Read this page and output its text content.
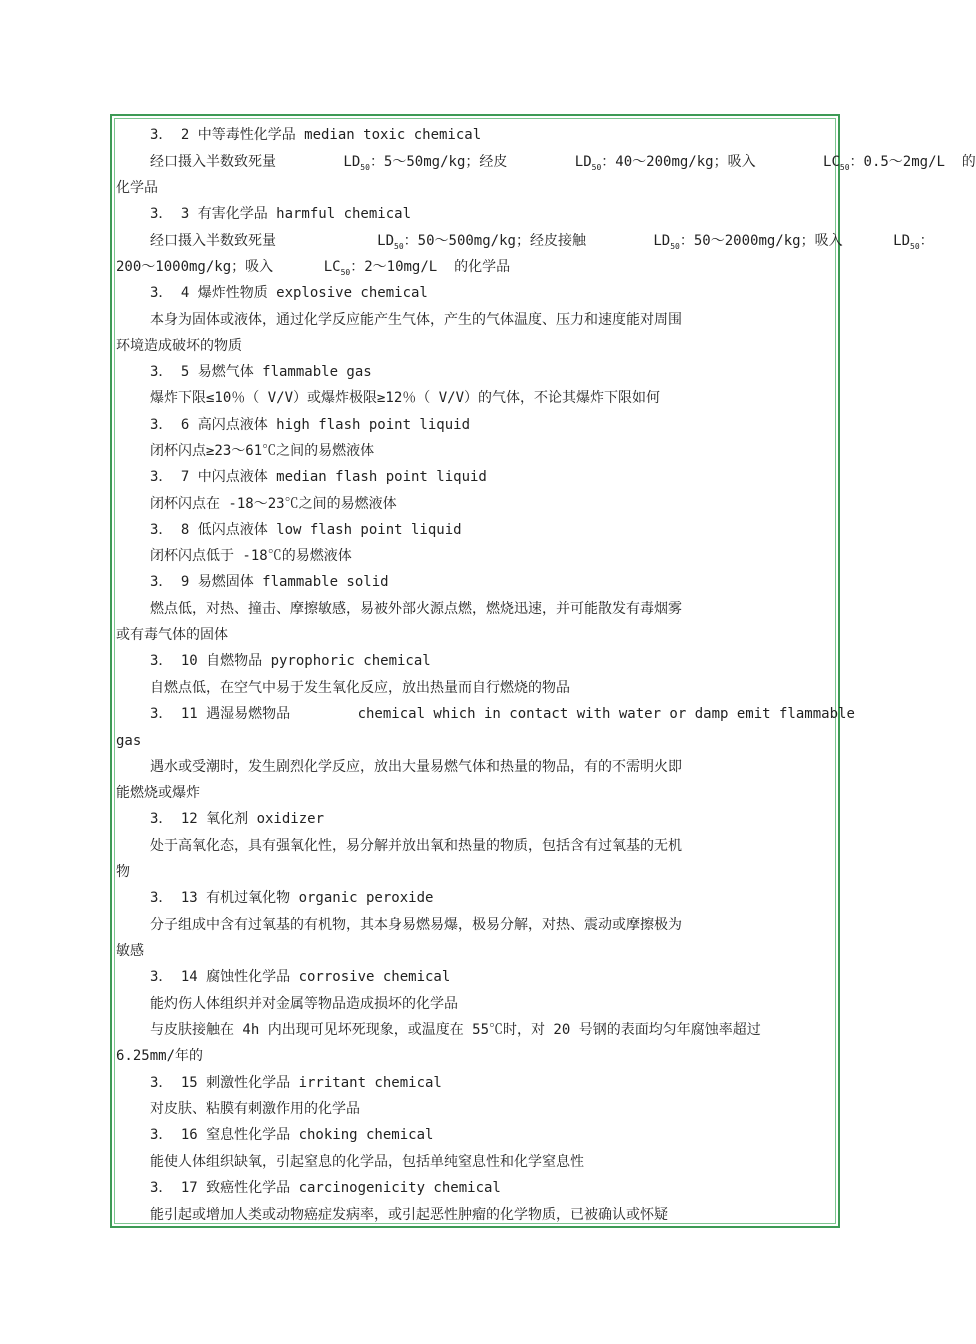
3． 2 中等毒性化学品 median toxic chemical
经口摄入半数致死量        $LD_{50}$：5～50mg/kg；经皮        $LD_{50}$：40～200mg/kg；吸入        $LC_{50}$：0.5～2mg/L  的
化学品
3． 3 有害化学品 harmful chemical
经口摄入半数致死量            $LD_{50}$：50～500mg/kg；经皮接触        $LD_{50}$：50～2000mg/kg；吸入      $LD_{50}$：
200～1000mg/kg；吸入      $LC_{50}$：2～10mg/L  的化学品
3． 4 爆炸性物质 explosive chemical
本身为固体或液体，通过化学反应能产生气体，产生的气体温度、压力和速度能对周围
环境造成破坏的物质
3． 5 易燃气体 flammable gas
爆炸下限≤10％（ V/V）或爆炸极限≥12％（ V/V）的气体，不论其爆炸下限如何
3． 6 高闪点液体 high flash point liquid
闭杯闪点≥23～61℃之间的易燃液体
3． 7 中闪点液体 median flash point liquid
闭杯闪点在 -18～23℃之间的易燃液体
3． 8 低闪点液体 low flash point liquid
闭杯闪点低于 -18℃的易燃液体
3． 9 易燃固体 flammable solid
燃点低，对热、撞击、摩擦敏感，易被外部火源点燃，燃烧迅速，并可能散发有毒烟雾
或有毒气体的固体
3． 10 自燃物品 pyrophoric chemical
自燃点低，在空气中易于发生氧化反应，放出热量而自行燃烧的物品
3． 11 遇湿易燃物品        chemical which in contact with water or damp emit flammable
gas
遇水或受潮时，发生剧烈化学反应，放出大量易燃气体和热量的物品，有的不需明火即
能燃烧或爆炸
3． 12 氧化剂 oxidizer
处于高氧化态，具有强氧化性，易分解并放出氧和热量的物质，包括含有过氧基的无机
物
3． 13 有机过氧化物 organic peroxide
分子组成中含有过氧基的有机物，其本身易燃易爆，极易分解，对热、震动或摩擦极为
敏感
3． 14 腐蚀性化学品 corrosive chemical
能灼伤人体组织并对金属等物品造成损坏的化学品
与皮肤接触在 4h 内出现可见坏死现象，或温度在 55℃时，对 20 号钢的表面均匀年腐蚀率超过
6.25mm/年的
3． 15 刺激性化学品 irritant chemical
对皮肤、粘膜有刺激作用的化学品
3． 16 窒息性化学品 choking chemical
能使人体组织缺氧，引起窒息的化学品，包括单纯窒息性和化学窒息性
3． 17 致癌性化学品 carcinogenicity chemical
能引起或增加人类或动物癌症发病率，或引起恶性肿瘤的化学物质，已被确认或怀疑
